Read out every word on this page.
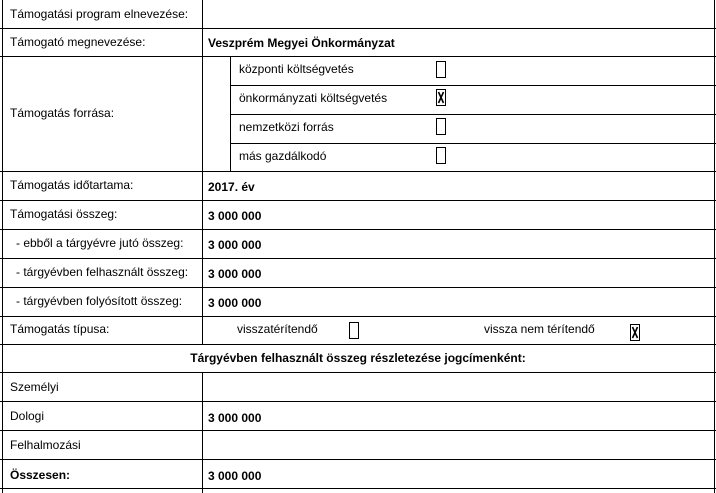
Támogatási program elnevezése:
Támogató megnevezése:	Veszprém Megyei Önkormányzat
Támogatás forrása:
központi költségvetés
önkormányzati költségvetés
nemzetközi forrás
más gazdálkodó
Támogatás időtartama:	2017. év
Támogatási összeg:	3 000 000
- ebből a tárgyévre jutó összeg: 3 000 000
- tárgyévben felhasznált összeg: 3 000 000
- tárgyévben folyósított összeg: 3 000 000
Támogatás típusa:	visszatérítendő	vissza nem térítendő
Tárgyévben felhasznált összeg részletezése jogcímenként:
Személyi
Dologi	3 000 000
Felhalmozási
Összesen:	3 000 000
